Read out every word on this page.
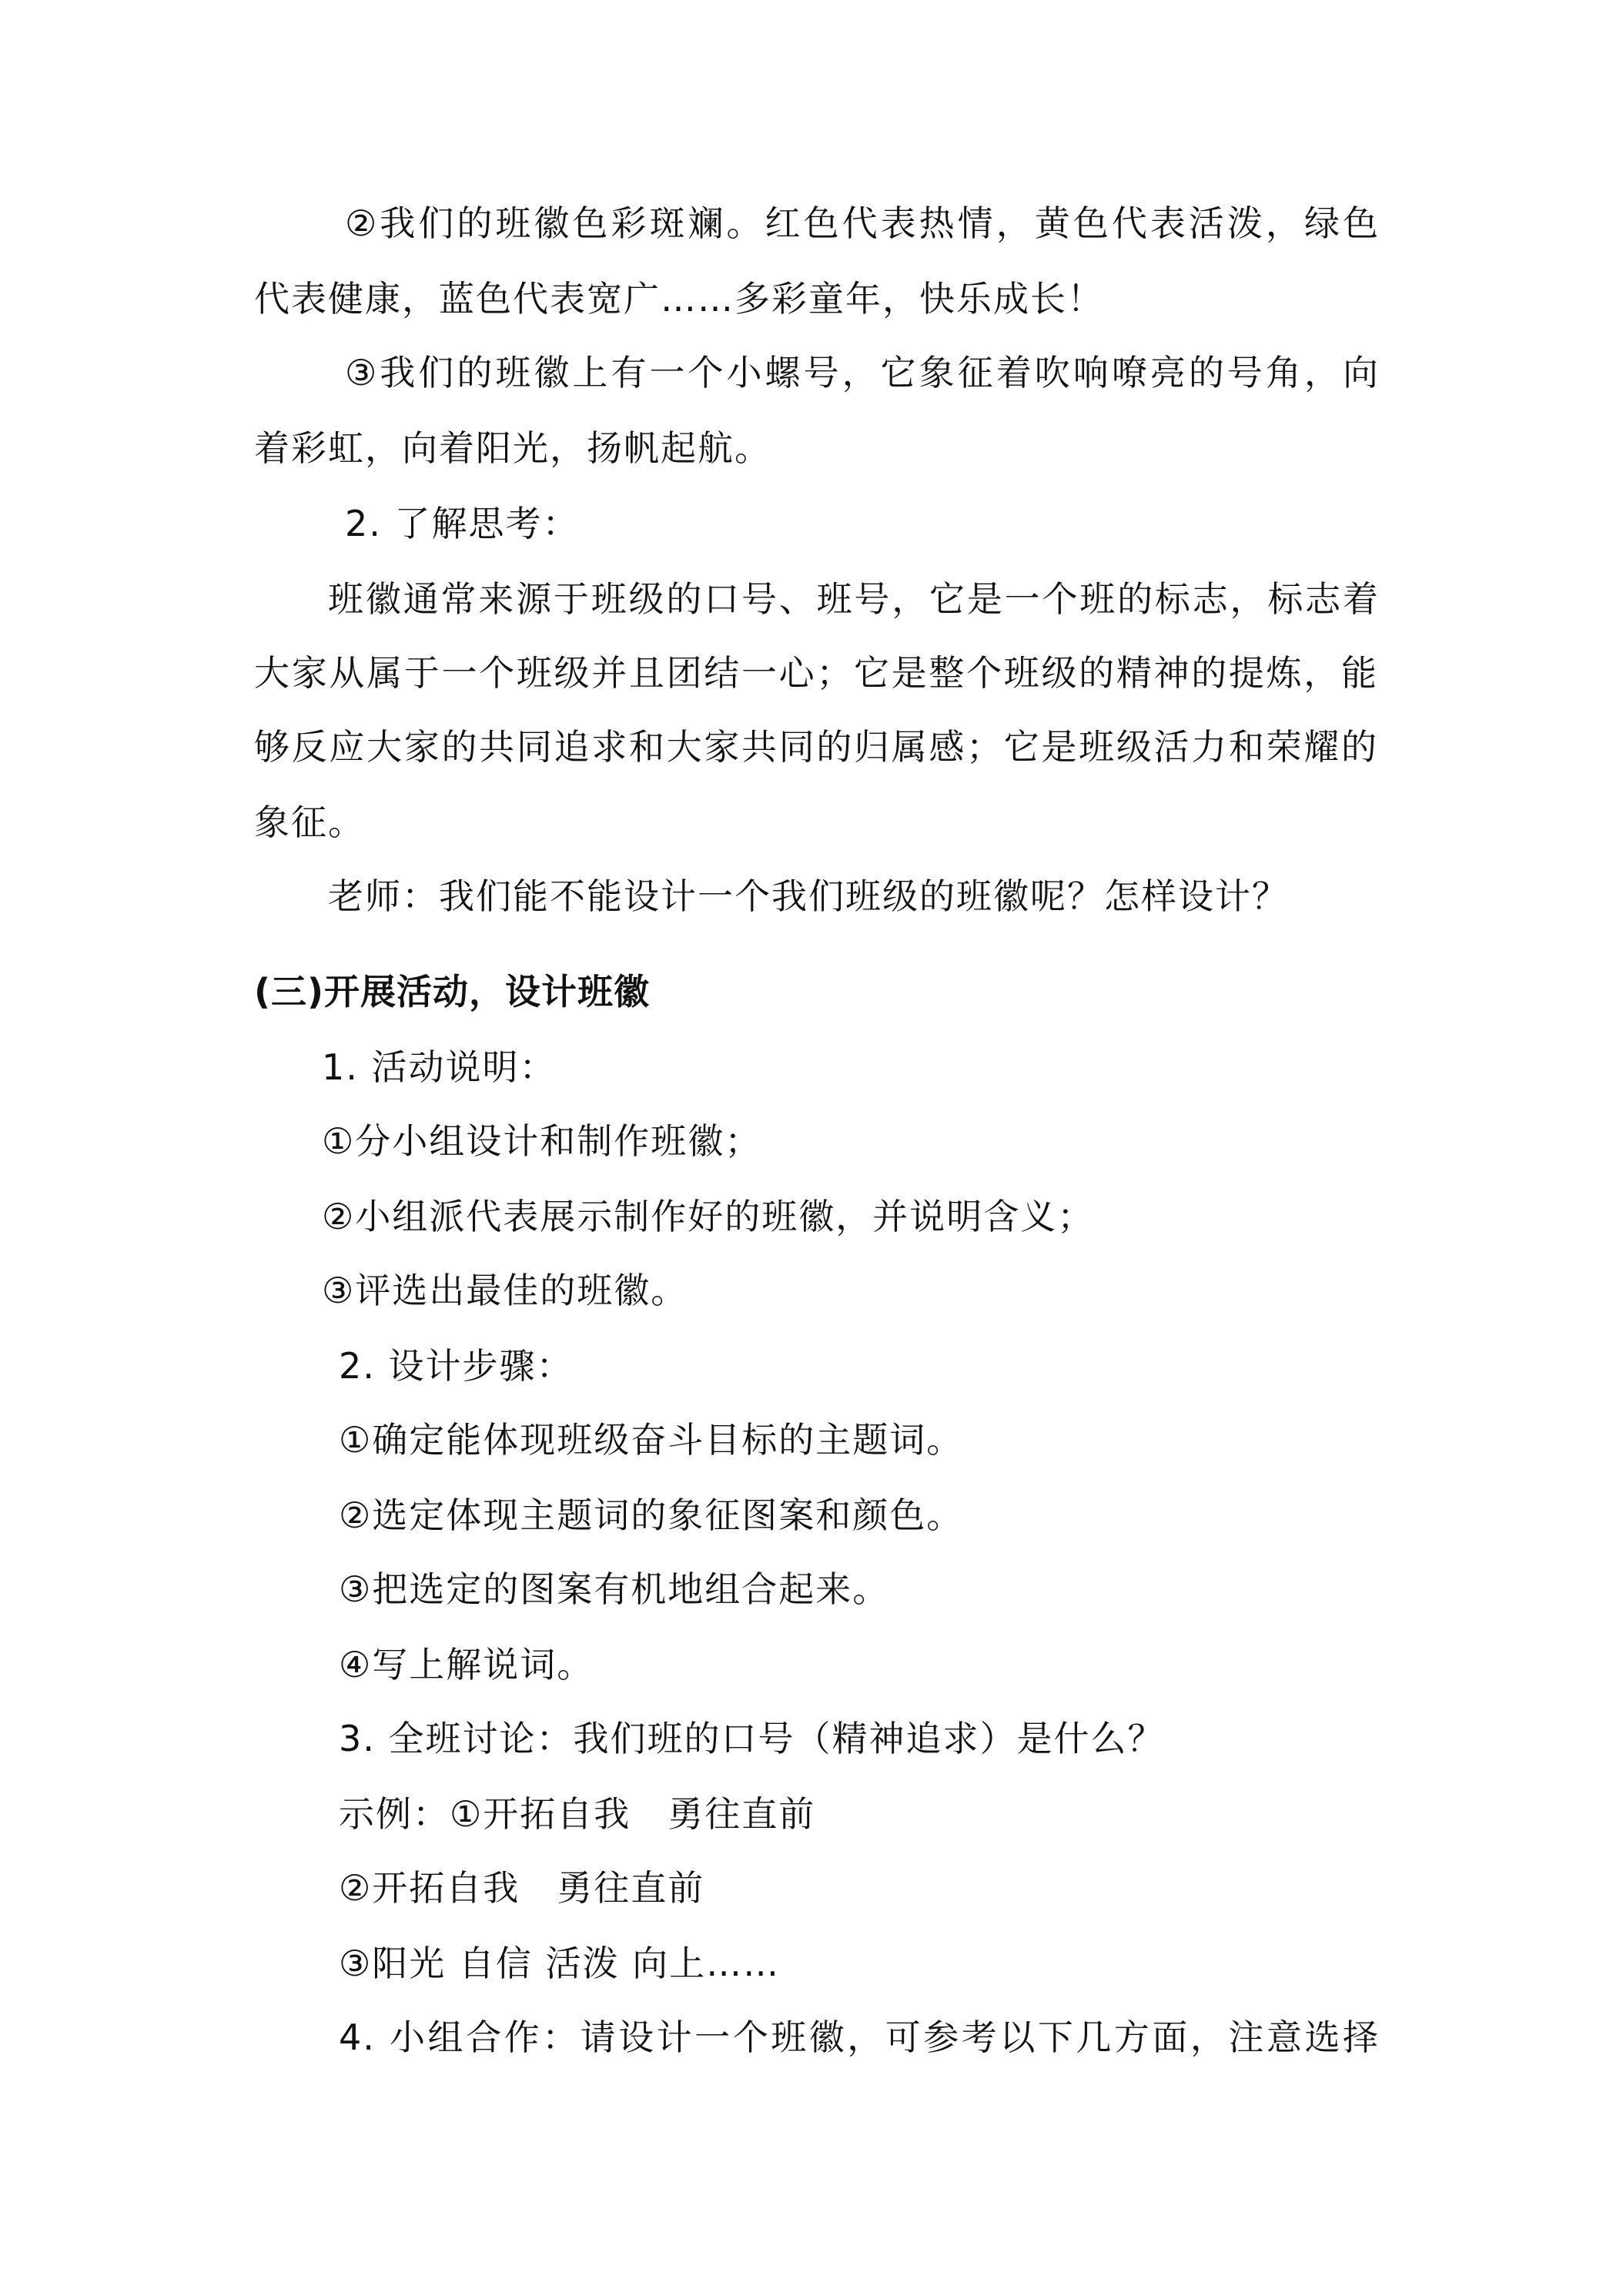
②我们的班徽色彩斑斓。红色代表热情，黄色代表活泼，绿色
代表健康，蓝色代表宽广……多彩童年，快乐成长！
③我们的班徽上有一个小螺号，它象征着吹响嘹亮的号角，向
着彩虹，向着阳光，扬帆起航。
2. 了解思考：
班徽通常来源于班级的口号、班号，它是一个班的标志，标志着
大家从属于一个班级并且团结一心；它是整个班级的精神的提炼，能
够反应大家的共同追求和大家共同的归属感；它是班级活力和荣耀的
象征。
老师：我们能不能设计一个我们班级的班徽呢？怎样设计？
(三)开展活动，设计班徽
1. 活动说明：
①分小组设计和制作班徽；
②小组派代表展示制作好的班徽，并说明含义；
③评选出最佳的班徽。
2. 设计步骤：
①确定能体现班级奋斗目标的主题词。
②选定体现主题词的象征图案和颜色。
③把选定的图案有机地组合起来。
④写上解说词。
3. 全班讨论：我们班的口号（精神追求）是什么？
示例：①开拓自我　勇往直前
②开拓自我　勇往直前
③阳光 自信 活泼 向上……
4. 小组合作：请设计一个班徽，可参考以下几方面，注意选择
